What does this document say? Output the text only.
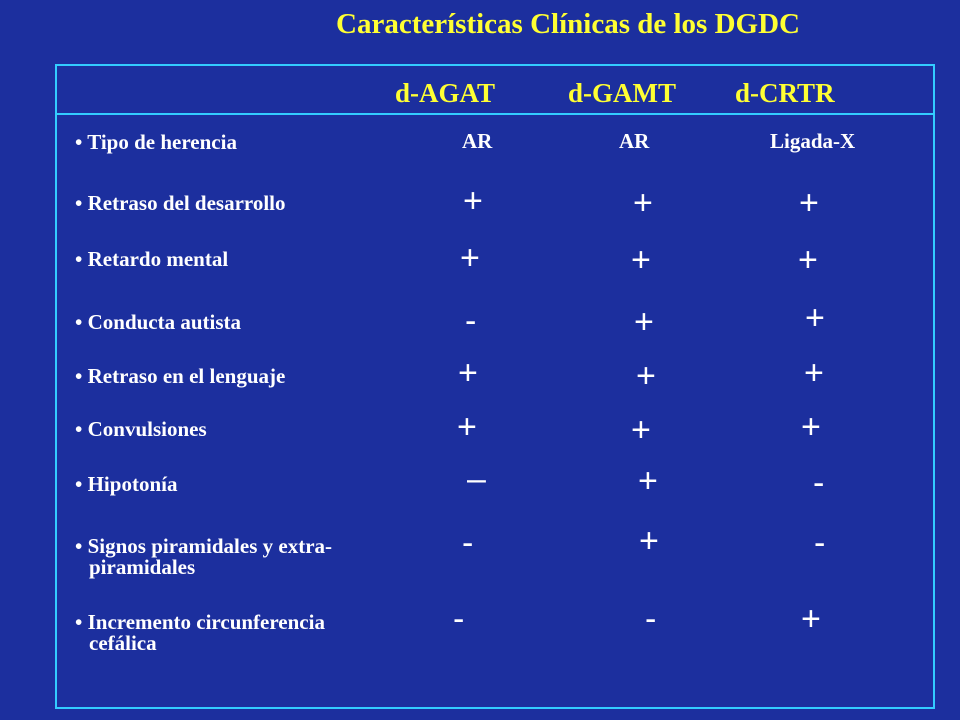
Características Clínicas de los DGDC
d-AGAT	d-GAMT d-CRTR
• Tipo de herencia	AR	AR	Ligada-X
• Retraso del desarrollo	+	+	+
• Retardo mental	+	+	+
• Conducta autista	-	+	+
• Retraso en el lenguaje	+	+	+
• Convulsiones	+	+	+
• Hipotonía	–	+	-
• Signos piramidales y extra-
piramidales
-	+	-
• Incremento circunferencia
cefálica
-	-	+
